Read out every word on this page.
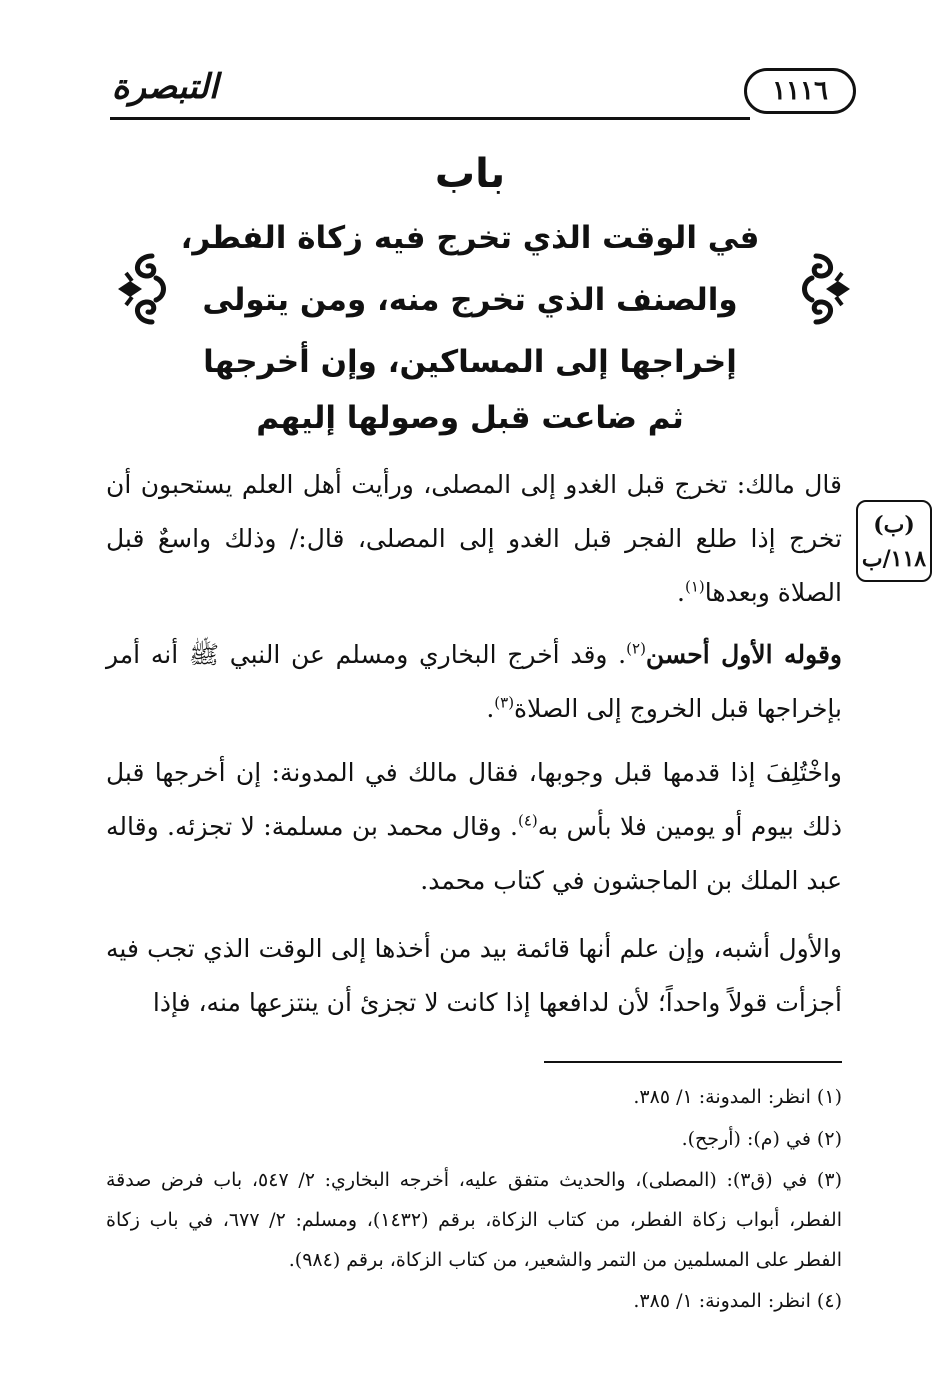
التبصرة	١١١٦
باب
في الوقت الذي تخرج فيه زكاة الفطر،
والصنف الذي تخرج منه، ومن يتولى
إخراجها إلى المساكين، وإن أخرجها
ثم ضاعت قبل وصولها إليهم
(ب)
١١٨/ب
قال مالك: تخرج قبل الغدو إلى المصلى، ورأيت أهل العلم يستحبون أن تخرج إذا طلع الفجر قبل الغدو إلى المصلى، قال:/ وذلك واسعٌ قبل الصلاة وبعدها$^{(١)}$.
وقوله الأول أحسن$^{(٢)}$. وقد أخرج البخاري ومسلم عن النبي ﷺ أنه أمر بإخراجها قبل الخروج إلى الصلاة$^{(٣)}$.
واخْتُلِفَ إذا قدمها قبل وجوبها، فقال مالك في المدونة: إن أخرجها قبل ذلك بيوم أو يومين فلا بأس به$^{(٤)}$. وقال محمد بن مسلمة: لا تجزئه. وقاله عبد الملك بن الماجشون في كتاب محمد.
والأول أشبه، وإن علم أنها قائمة بيد من أخذها إلى الوقت الذي تجب فيه أجزأت قولاً واحداً؛ لأن لدافعها إذا كانت لا تجزئ أن ينتزعها منه، فإذا
(١) انظر: المدونة: ١/ ٣٨٥.
(٢) في (م): (أرجح).
(٣) في (ق٣): (المصلى)، والحديث متفق عليه، أخرجه البخاري: ٢/ ٥٤٧، باب فرض صدقة الفطر، أبواب زكاة الفطر، من كتاب الزكاة، برقم (١٤٣٢)، ومسلم: ٢/ ٦٧٧، في باب زكاة الفطر على المسلمين من التمر والشعير، من كتاب الزكاة، برقم (٩٨٤).
(٤) انظر: المدونة: ١/ ٣٨٥.
